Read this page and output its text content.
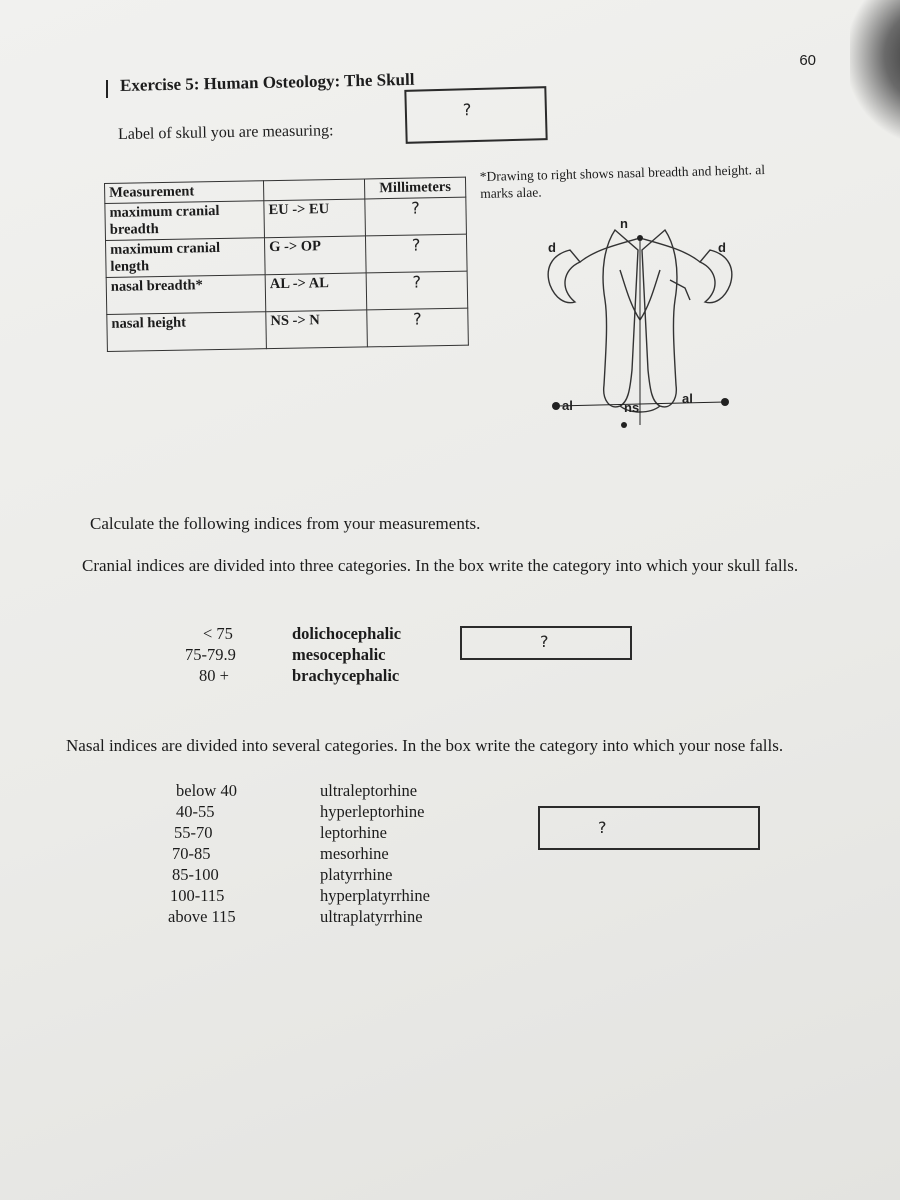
60
Exercise 5: Human Osteology: The Skull
Label of skull you are measuring:
?
Measurement		Millimeters
maximum cranial breadth	EU -> EU	?
maximum cranial length	G -> OP	?
nasal breadth*	AL -> AL	?
nasal height	NS -> N	?
*Drawing to right shows nasal breadth and height. al
marks alae.
n
d	d
al	ns
al
Calculate the following indices from your measurements.
Cranial indices are divided into three categories. In the box write the category into which your skull falls.
< 75	dolichocephalic
75-79.9	mesocephalic
80 +	brachycephalic
?
Nasal indices are divided into several categories. In the box write the category into which your nose falls.
below 40	ultraleptorhine
40-55	hyperleptorhine
55-70	leptorhine
70-85	mesorhine
85-100	platyrrhine
100-115	hyperplatyrrhine
above 115	ultraplatyrrhine
?
